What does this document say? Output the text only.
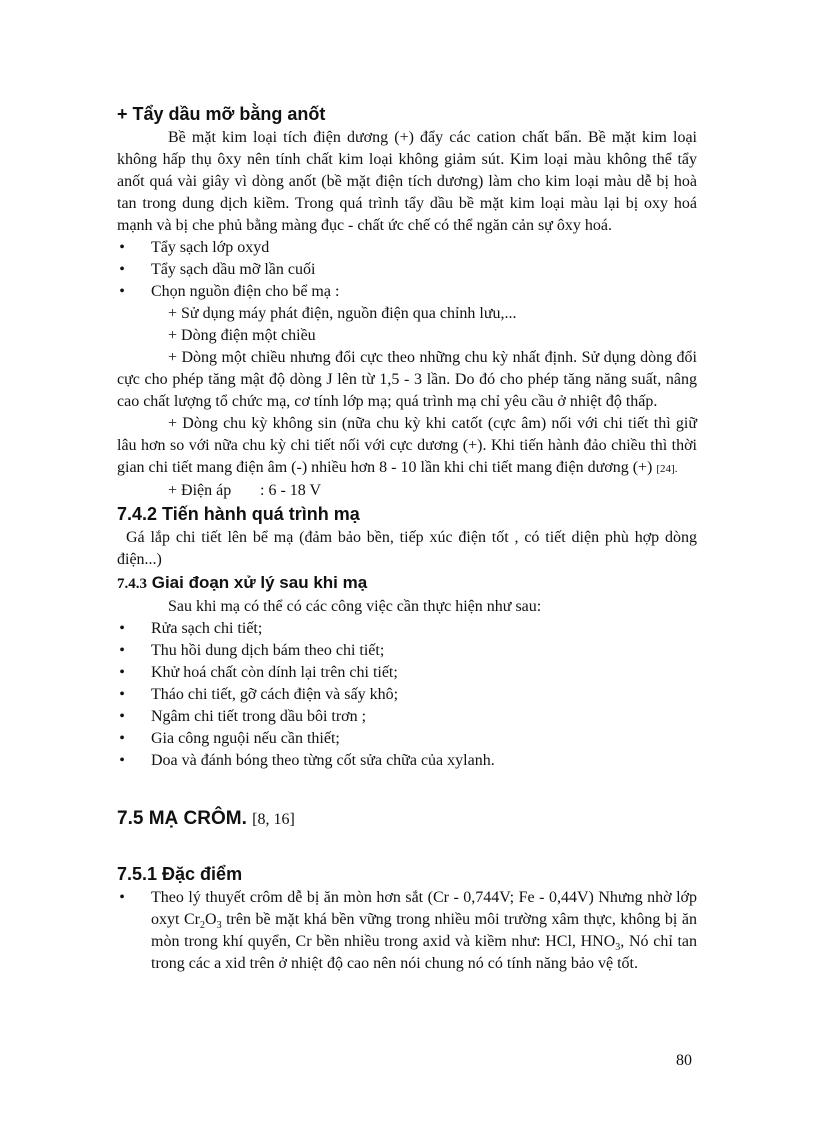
+ Tẩy dầu mỡ bằng anốt

Bề mặt kim loại tích điện dương (+) đẩy các cation chất bẩn. Bề mặt kim loại không hấp thụ ôxy nên tính chất kim loại không giảm sút. Kim loại màu không thể tẩy anốt quá vài giây vì dòng anốt (bề mặt điện tích dương) làm cho kim loại màu dễ bị hoà tan trong dung dịch kiềm. Trong quá trình tẩy dầu bề mặt kim loại màu lại bị oxy hoá mạnh và bị che phủ bằng màng đục - chất ức chế có thể ngăn cản sự ôxy hoá.

• Tẩy sạch lớp oxyd
• Tẩy sạch dầu mỡ lần cuối
• Chọn nguồn điện cho bể mạ :

+ Sử dụng máy phát điện, nguồn điện qua chỉnh lưu,...

+ Dòng điện một chiều

+ Dòng một chiều nhưng đổi cực theo những chu kỳ nhất định. Sử dụng dòng đổi cực cho phép tăng mật độ dòng J lên từ 1,5 - 3 lần. Do đó cho phép tăng năng suất, nâng cao chất lượng tổ chức mạ, cơ tính lớp mạ; quá trình mạ chỉ yêu cầu ở nhiệt độ thấp.

+ Dòng chu kỳ không sin (nữa chu kỳ khi catốt (cực âm) nối với chi tiết thì giữ lâu hơn so với nữa chu kỳ chi tiết nối với cực dương (+). Khi tiến hành đảo chiều thì thời gian chi tiết mang điện âm (-) nhiều hơn 8 - 10 lần khi chi tiết mang điện dương (+) [24].

+ Điện áp : 6 - 18 V

7.4.2 Tiến hành quá trình mạ

Gá lắp chi tiết lên bể mạ (đảm bảo bền, tiếp xúc điện tốt , có tiết diện phù hợp dòng điện...)

7.4.3 Giai đoạn xử lý sau khi mạ

Sau khi mạ có thể có các công việc cần thực hiện như sau:

• Rửa sạch chi tiết;
• Thu hồi dung dịch bám theo chi tiết;
• Khử hoá chất còn dính lại trên chi tiết;
• Tháo chi tiết, gỡ cách điện và sấy khô;
• Ngâm chi tiết trong dầu bôi trơn ;
• Gia công nguội nếu cần thiết;
• Doa và đánh bóng theo từng cốt sửa chữa của xylanh.
7.5 MẠ CRÔM. [8, 16]
7.5.1 Đặc điểm
• Theo lý thuyết crôm dễ bị ăn mòn hơn sắt (Cr - 0,744V; Fe - 0,44V) Nhưng nhờ lớp oxyt $Cr_2O_3$ trên bề mặt khá bền vững trong nhiều môi trường xâm thực, không bị ăn mòn trong khí quyển, Cr bền nhiều trong axid và kiềm như: HCl, $HNO_3$, Nó chỉ tan trong các a xid trên ở nhiệt độ cao nên nói chung nó có tính năng bảo vệ tốt.
80
